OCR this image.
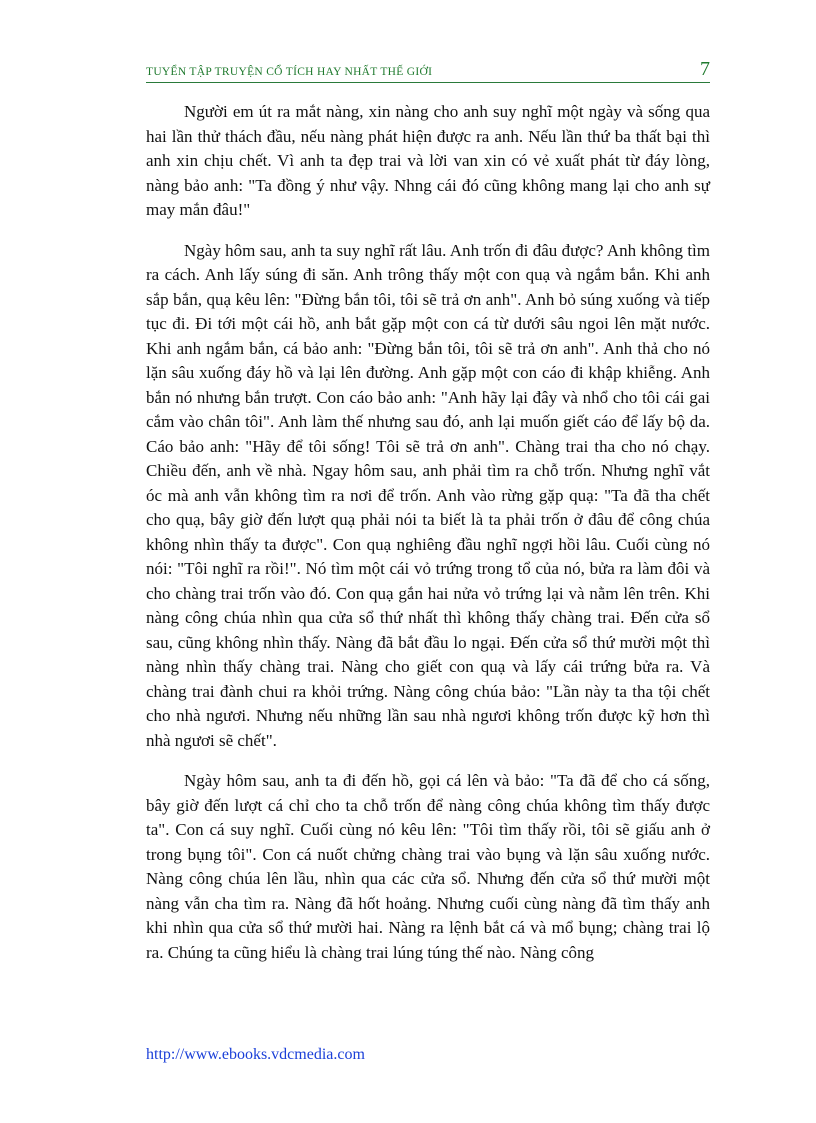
TUYỂN TẬP TRUYỆN CỔ TÍCH HAY NHẤT THẾ GIỚI	7

Người em út ra mắt nàng, xin nàng cho anh suy nghĩ một ngày và sống qua hai lần thử thách đầu, nếu nàng phát hiện được ra anh. Nếu lần thứ ba thất bại thì anh xin chịu chết. Vì anh ta đẹp trai và lời van xin có vẻ xuất phát từ đáy lòng, nàng bảo anh: "Ta đồng ý như vậy. Nhng cái đó cũng không mang lại cho anh sự may mắn đâu!"

Ngày hôm sau, anh ta suy nghĩ rất lâu. Anh trốn đi đâu được? Anh không tìm ra cách. Anh lấy súng đi săn. Anh trông thấy một con quạ và ngắm bắn. Khi anh sắp bắn, quạ kêu lên: "Đừng bắn tôi, tôi sẽ trả ơn anh". Anh bỏ súng xuống và tiếp tục đi. Đi tới một cái hồ, anh bắt gặp một con cá từ dưới sâu ngoi lên mặt nước. Khi anh ngắm bắn, cá bảo anh: "Đừng bắn tôi, tôi sẽ trả ơn anh". Anh thả cho nó lặn sâu xuống đáy hồ và lại lên đường. Anh gặp một con cáo đi khập khiễng. Anh bắn nó nhưng bắn trượt. Con cáo bảo anh: "Anh hãy lại đây và nhổ cho tôi cái gai cắm vào chân tôi". Anh làm thế nhưng sau đó, anh lại muốn giết cáo để lấy bộ da. Cáo bảo anh: "Hãy để tôi sống! Tôi sẽ trả ơn anh". Chàng trai tha cho nó chạy. Chiều đến, anh về nhà. Ngay hôm sau, anh phải tìm ra chỗ trốn. Nhưng nghĩ vắt óc mà anh vẫn không tìm ra nơi để trốn. Anh vào rừng gặp quạ: "Ta đã tha chết cho quạ, bây giờ đến lượt quạ phải nói ta biết là ta phải trốn ở đâu để công chúa không nhìn thấy ta được". Con quạ nghiêng đầu nghĩ ngợi hồi lâu. Cuối cùng nó nói: "Tôi nghĩ ra rồi!". Nó tìm một cái vỏ trứng trong tổ của nó, bửa ra làm đôi và cho chàng trai trốn vào đó. Con quạ gắn hai nửa vỏ trứng lại và nằm lên trên. Khi nàng công chúa nhìn qua cửa sổ thứ nhất thì không thấy chàng trai. Đến cửa sổ sau, cũng không nhìn thấy. Nàng đã bắt đầu lo ngại. Đến cửa sổ thứ mười một thì nàng nhìn thấy chàng trai. Nàng cho giết con quạ và lấy cái trứng bửa ra. Và chàng trai đành chui ra khỏi trứng. Nàng công chúa bảo: "Lần này ta tha tội chết cho nhà ngươi. Nhưng nếu những lần sau nhà ngươi không trốn được kỹ hơn thì nhà ngươi sẽ chết".

Ngày hôm sau, anh ta đi đến hồ, gọi cá lên và bảo: "Ta đã để cho cá sống, bây giờ đến lượt cá chỉ cho ta chỗ trốn để nàng công chúa không tìm thấy được ta". Con cá suy nghĩ. Cuối cùng nó kêu lên: "Tôi tìm thấy rồi, tôi sẽ giấu anh ở trong bụng tôi". Con cá nuốt chửng chàng trai vào bụng và lặn sâu xuống nước. Nàng công chúa lên lầu, nhìn qua các cửa sổ. Nhưng đến cửa sổ thứ mười một nàng vẫn cha tìm ra. Nàng đã hốt hoảng. Nhưng cuối cùng nàng đã tìm thấy anh khi nhìn qua cửa sổ thứ mười hai. Nàng ra lệnh bắt cá và mổ bụng; chàng trai lộ ra. Chúng ta cũng hiểu là chàng trai lúng túng thế nào. Nàng công

http://www.ebooks.vdcmedia.com
